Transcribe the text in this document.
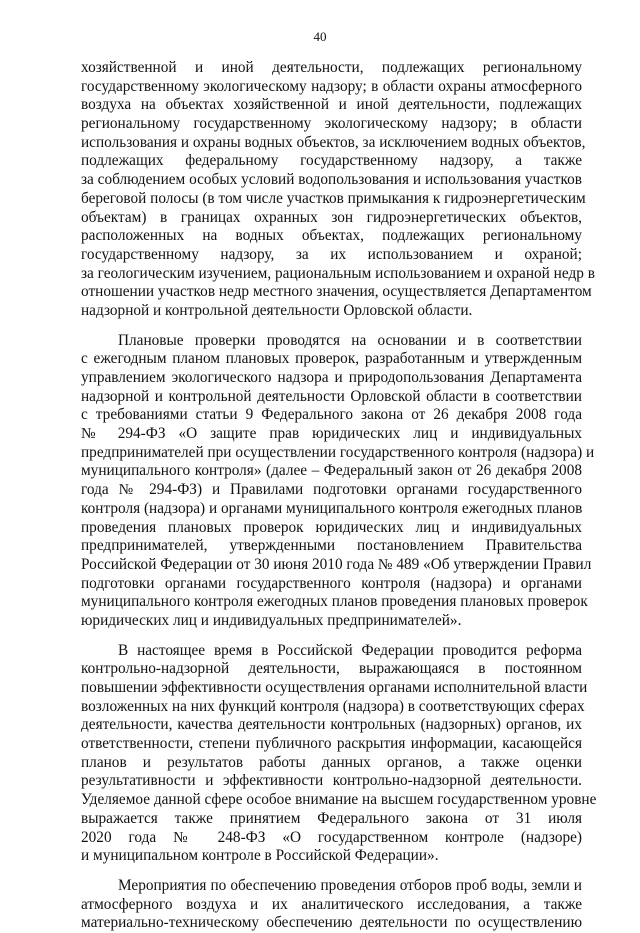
40
хозяйственной и иной деятельности, подлежащих региональному
государственному экологическому надзору; в области охраны атмосферного
воздуха на объектах хозяйственной и иной деятельности, подлежащих
региональному государственному экологическому надзору; в области
использования и охраны водных объектов, за исключением водных объектов,
подлежащих федеральному государственному надзору, а также
за соблюдением особых условий водопользования и использования участков
береговой полосы (в том числе участков примыкания к гидроэнергетическим
объектам) в границах охранных зон гидроэнергетических объектов,
расположенных на водных объектах, подлежащих региональному
государственному надзору, за их использованием и охраной;
за геологическим изучением, рациональным использованием и охраной недр в
отношении участков недр местного значения, осуществляется Департаментом
надзорной и контрольной деятельности Орловской области.
Плановые проверки проводятся на основании и в соответствии
с ежегодным планом плановых проверок, разработанным и утвержденным
управлением экологического надзора и природопользования Департамента
надзорной и контрольной деятельности Орловской области в соответствии
с требованиями статьи 9 Федерального закона от 26 декабря 2008 года
№ 294-ФЗ «О защите прав юридических лиц и индивидуальных
предпринимателей при осуществлении государственного контроля (надзора) и
муниципального контроля» (далее – Федеральный закон от 26 декабря 2008
года № 294-ФЗ) и Правилами подготовки органами государственного
контроля (надзора) и органами муниципального контроля ежегодных планов
проведения плановых проверок юридических лиц и индивидуальных
предпринимателей, утвержденными постановлением Правительства
Российской Федерации от 30 июня 2010 года № 489 «Об утверждении Правил
подготовки органами государственного контроля (надзора) и органами
муниципального контроля ежегодных планов проведения плановых проверок
юридических лиц и индивидуальных предпринимателей».
В настоящее время в Российской Федерации проводится реформа
контрольно-надзорной деятельности, выражающаяся в постоянном
повышении эффективности осуществления органами исполнительной власти
возложенных на них функций контроля (надзора) в соответствующих сферах
деятельности, качества деятельности контрольных (надзорных) органов, их
ответственности, степени публичного раскрытия информации, касающейся
планов и результатов работы данных органов, а также оценки
результативности и эффективности контрольно-надзорной деятельности.
Уделяемое данной сфере особое внимание на высшем государственном уровне
выражается также принятием Федерального закона от 31 июля
2020 года № 248-ФЗ «О государственном контроле (надзоре)
и муниципальном контроле в Российской Федерации».
Мероприятия по обеспечению проведения отборов проб воды, земли и
атмосферного воздуха и их аналитического исследования, а также
материально-техническому обеспечению деятельности по осуществлению
